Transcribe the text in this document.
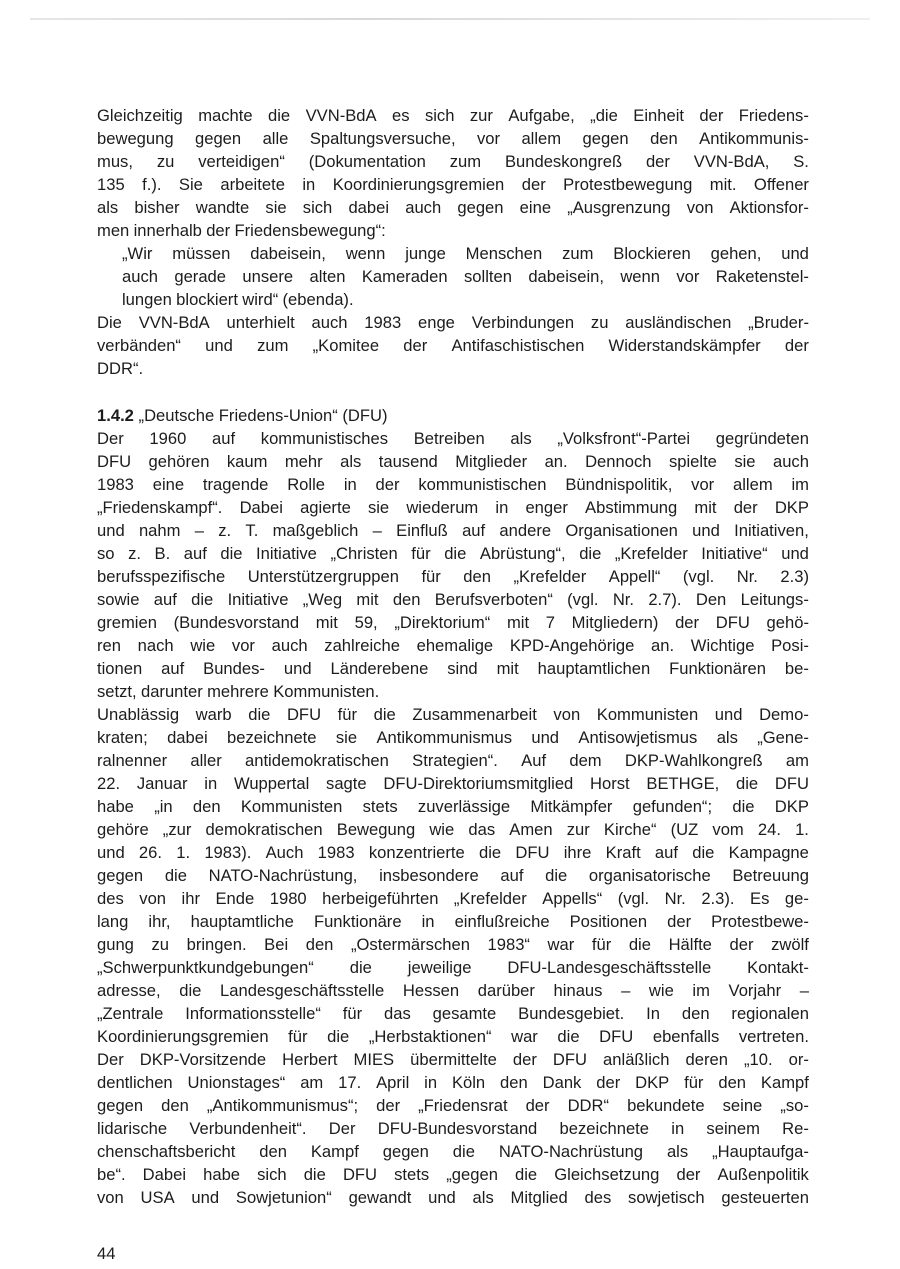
Gleichzeitig machte die VVN-BdA es sich zur Aufgabe, „die Einheit der Friedens-
bewegung gegen alle Spaltungsversuche, vor allem gegen den Antikommunis-
mus, zu verteidigen“ (Dokumentation zum Bundeskongreß der VVN-BdA, S.
135 f.). Sie arbeitete in Koordinierungsgremien der Protestbewegung mit. Offener
als bisher wandte sie sich dabei auch gegen eine „Ausgrenzung von Aktionsfor-
men innerhalb der Friedensbewegung“:
„Wir müssen dabeisein, wenn junge Menschen zum Blockieren gehen, und
auch gerade unsere alten Kameraden sollten dabeisein, wenn vor Raketenstel-
lungen blockiert wird“ (ebenda).
Die VVN-BdA unterhielt auch 1983 enge Verbindungen zu ausländischen „Bruder-
verbänden“ und zum „Komitee der Antifaschistischen Widerstandskämpfer der
DDR“.
1.4.2
„Deutsche Friedens-Union“ (DFU)
Der 1960 auf kommunistisches Betreiben als „Volksfront“-Partei gegründeten
DFU gehören kaum mehr als tausend Mitglieder an. Dennoch spielte sie auch
1983 eine tragende Rolle in der kommunistischen Bündnispolitik, vor allem im
„Friedenskampf“. Dabei agierte sie wiederum in enger Abstimmung mit der DKP
und nahm – z. T. maßgeblich – Einfluß auf andere Organisationen und Initiativen,
so z. B. auf die Initiative „Christen für die Abrüstung“, die „Krefelder Initiative“ und
berufsspezifische Unterstützergruppen für den „Krefelder Appell“ (vgl. Nr. 2.3)
sowie auf die Initiative „Weg mit den Berufsverboten“ (vgl. Nr. 2.7). Den Leitungs-
gremien (Bundesvorstand mit 59, „Direktorium“ mit 7 Mitgliedern) der DFU gehö-
ren nach wie vor auch zahlreiche ehemalige KPD-Angehörige an. Wichtige Posi-
tionen auf Bundes- und Länderebene sind mit hauptamtlichen Funktionären be-
setzt, darunter mehrere Kommunisten.
Unablässig warb die DFU für die Zusammenarbeit von Kommunisten und Demo-
kraten; dabei bezeichnete sie Antikommunismus und Antisowjetismus als „Gene-
ralnenner aller antidemokratischen Strategien“. Auf dem DKP-Wahlkongreß am
22. Januar in Wuppertal sagte DFU-Direktoriumsmitglied Horst BETHGE, die DFU
habe „in den Kommunisten stets zuverlässige Mitkämpfer gefunden“; die DKP
gehöre „zur demokratischen Bewegung wie das Amen zur Kirche“ (UZ vom 24. 1.
und 26. 1. 1983). Auch 1983 konzentrierte die DFU ihre Kraft auf die Kampagne
gegen die NATO-Nachrüstung, insbesondere auf die organisatorische Betreuung
des von ihr Ende 1980 herbeigeführten „Krefelder Appells“ (vgl. Nr. 2.3). Es ge-
lang ihr, hauptamtliche Funktionäre in einflußreiche Positionen der Protestbewe-
gung zu bringen. Bei den „Ostermärschen 1983“ war für die Hälfte der zwölf
„Schwerpunktkundgebungen“ die jeweilige DFU-Landesgeschäftsstelle Kontakt-
adresse, die Landesgeschäftsstelle Hessen darüber hinaus – wie im Vorjahr –
„Zentrale Informationsstelle“ für das gesamte Bundesgebiet. In den regionalen
Koordinierungsgremien für die „Herbstaktionen“ war die DFU ebenfalls vertreten.
Der DKP-Vorsitzende Herbert MIES übermittelte der DFU anläßlich deren „10. or-
dentlichen Unionstages“ am 17. April in Köln den Dank der DKP für den Kampf
gegen den „Antikommunismus“; der „Friedensrat der DDR“ bekundete seine „so-
lidarische Verbundenheit“. Der DFU-Bundesvorstand bezeichnete in seinem Re-
chenschaftsbericht den Kampf gegen die NATO-Nachrüstung als „Hauptaufga-
be“. Dabei habe sich die DFU stets „gegen die Gleichsetzung der Außenpolitik
von USA und Sowjetunion“ gewandt und als Mitglied des sowjetisch gesteuerten
44
